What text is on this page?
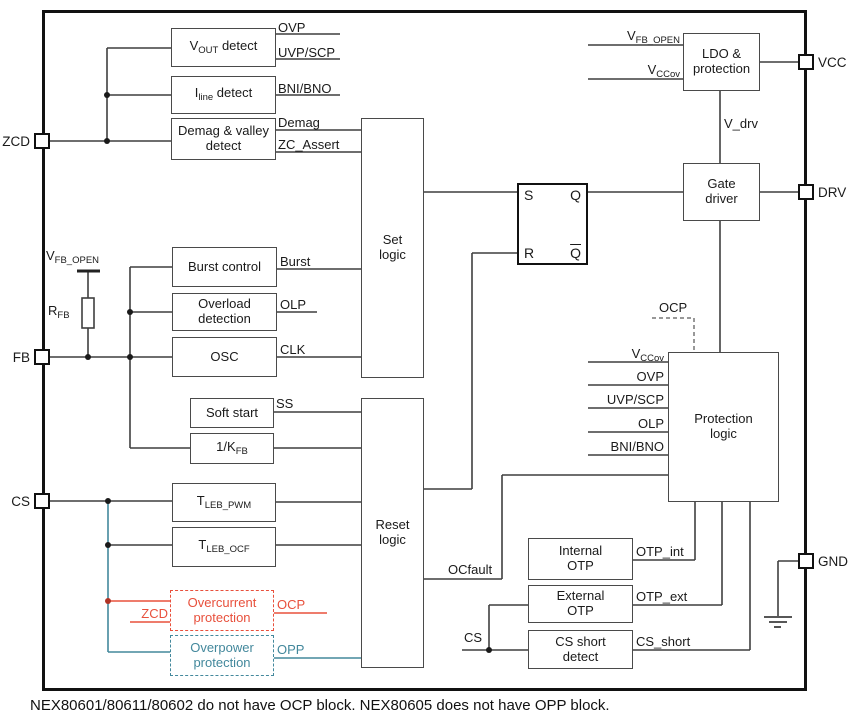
$V_{OUT}$ detect
$I_{line}$ detect
Demag & valley
detect
Burst control
Overload
detection
OSC
Soft start
$1/K_{FB}$
$T_{LEB\_PWM}$
$T_{LEB\_OCF}$
Overcurrent
protection
Overpower
protection
Set
logic
Reset
logic
LDO &
protection
Gate
driver
Protection
logic
Internal
OTP
External
OTP
CS short
detect
S	Q
R	$\overline{Q}$
OVP
UVP/SCP
BNI/BNO
Demag
ZC_Assert
Burst
OLP
CLK
SS
OCfault
V_drv
OCP
OPP
ZCD
OTP_int
OTP_ext
CS_short
CS
OCP
$V_{FB\_OPEN}$
$R_{FB}$
$V_{FB\_OPEN}$
$V_{CCov}$
$V_{CCov}$
OVP
UVP/SCP
OLP
BNI/BNO
ZCD
FB
CS
VCC
DRV
GND
NEX80601/80611/80602 do not have OCP block. NEX80605 does not have OPP block.
